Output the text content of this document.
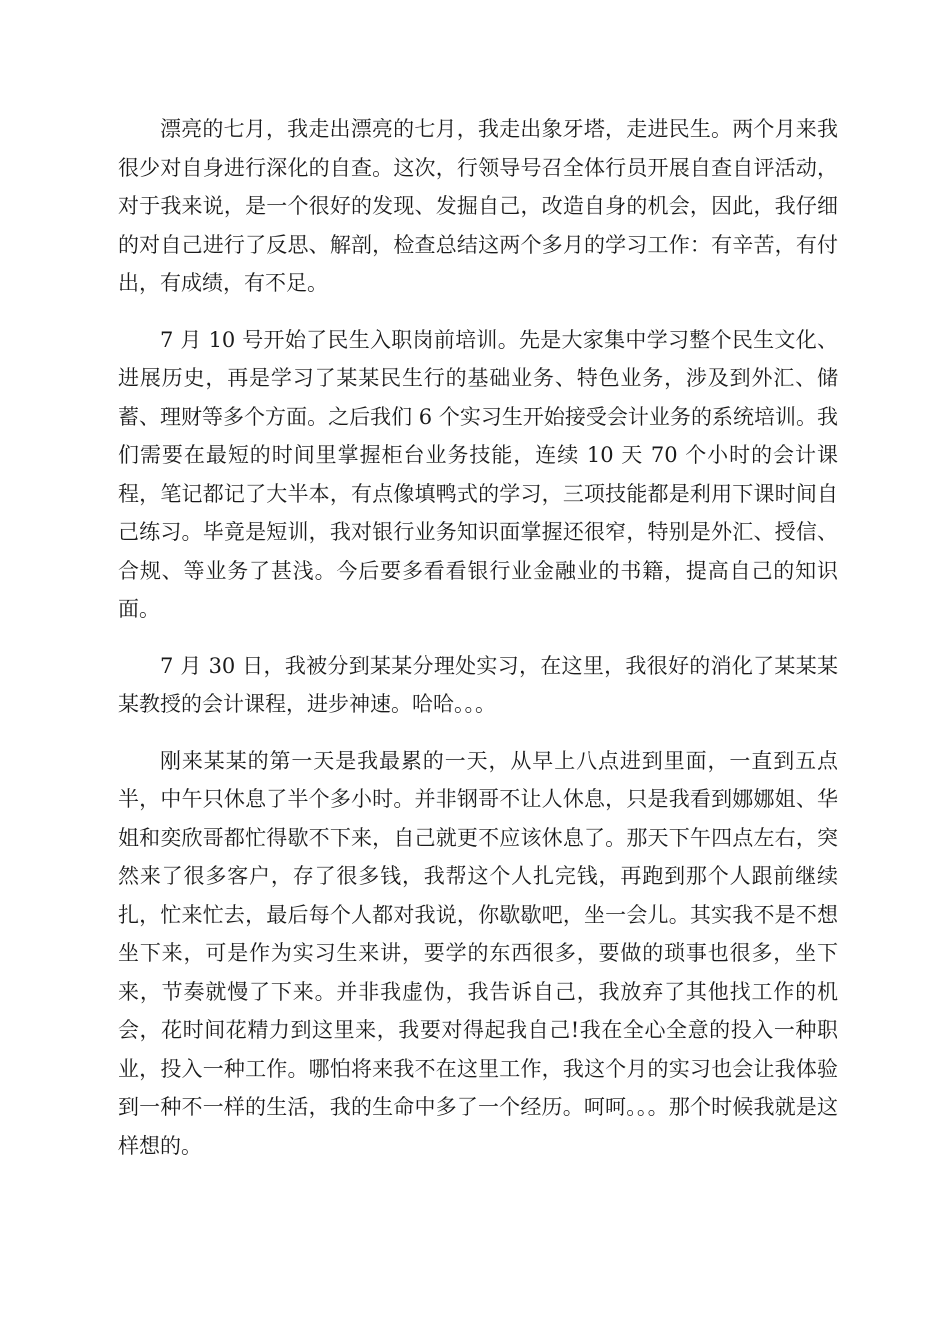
漂亮的七月，我走出漂亮的七月，我走出象牙塔，走进民生。两个月来我很少对自身进行深化的自查。这次，行领导号召全体行员开展自查自评活动，对于我来说，是一个很好的发现、发掘自己，改造自身的机会，因此，我仔细的对自己进行了反思、解剖，检查总结这两个多月的学习工作：有辛苦，有付出，有成绩，有不足。

7 月 10 号开始了民生入职岗前培训。先是大家集中学习整个民生文化、进展历史，再是学习了某某民生行的基础业务、特色业务，涉及到外汇、储蓄、理财等多个方面。之后我们 6 个实习生开始接受会计业务的系统培训。我们需要在最短的时间里掌握柜台业务技能，连续 10 天 70 个小时的会计课程，笔记都记了大半本，有点像填鸭式的学习，三项技能都是利用下课时间自己练习。毕竟是短训，我对银行业务知识面掌握还很窄，特别是外汇、授信、合规、等业务了甚浅。今后要多看看银行业金融业的书籍，提高自己的知识面。

7 月 30 日，我被分到某某分理处实习，在这里，我很好的消化了某某某某教授的会计课程，进步神速。哈哈。。。

刚来某某的第一天是我最累的一天，从早上八点进到里面，一直到五点半，中午只休息了半个多小时。并非钢哥不让人休息，只是我看到娜娜姐、华姐和奕欣哥都忙得歇不下来，自己就更不应该休息了。那天下午四点左右，突然来了很多客户，存了很多钱，我帮这个人扎完钱，再跑到那个人跟前继续扎，忙来忙去，最后每个人都对我说，你歇歇吧，坐一会儿。其实我不是不想坐下来，可是作为实习生来讲，要学的东西很多，要做的琐事也很多，坐下来，节奏就慢了下来。并非我虚伪，我告诉自己，我放弃了其他找工作的机会，花时间花精力到这里来，我要对得起我自己!我在全心全意的投入一种职业，投入一种工作。哪怕将来我不在这里工作，我这个月的实习也会让我体验到一种不一样的生活，我的生命中多了一个经历。呵呵。。。那个时候我就是这样想的。
